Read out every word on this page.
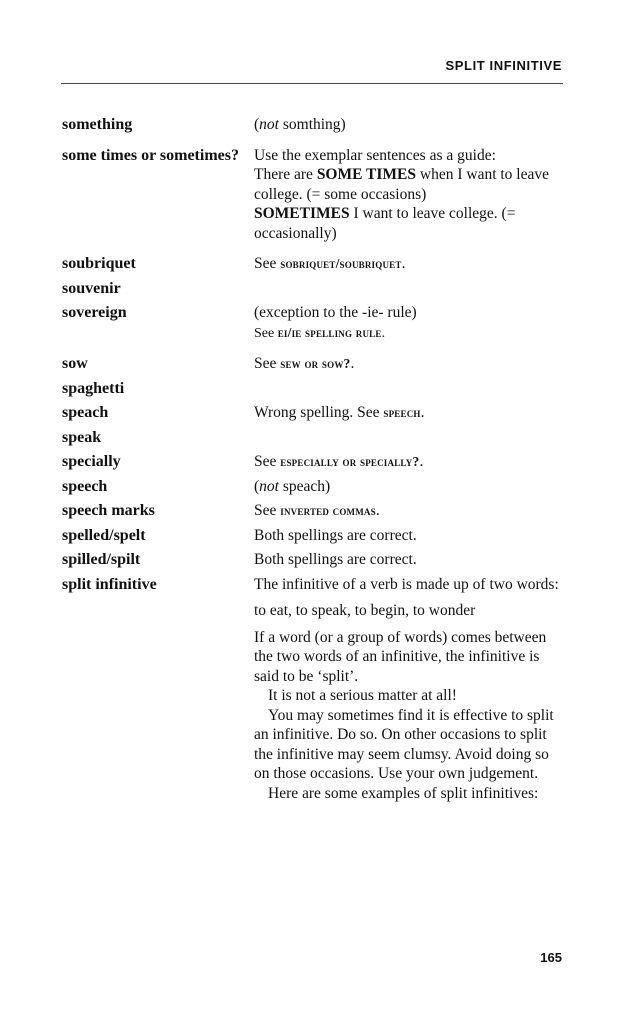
SPLIT INFINITIVE
something	(not somthing)

some times or sometimes? Use the exemplar sentences as a guide:

There are SOME TIMES when I want to leave college. (= some occasions)

SOMETIMES I want to leave college. (= occasionally)

soubriquet	See sobriquet/soubriquet.

souvenir
sovereign	(exception to the -ie- rule)

See ei/ie spelling rule.

sow	See sew or sow?.

spaghetti
speach	Wrong spelling. See speech.

speak
specially	See especially or specially?.

speech	(not speach)

speech marks	See inverted commas.

spelled/spelt	Both spellings are correct.

spilled/spilt	Both spellings are correct.

split infinitive	The infinitive of a verb is made up of two words:

to eat, to speak, to begin, to wonder

If a word (or a group of words) comes between the two words of an infinitive, the infinitive is said to be ‘split’.

It is not a serious matter at all!

You may sometimes find it is effective to split an infinitive. Do so. On other occasions to split the infinitive may seem clumsy. Avoid doing so on those occasions. Use your own judgement.

Here are some examples of split infinitives:

165
